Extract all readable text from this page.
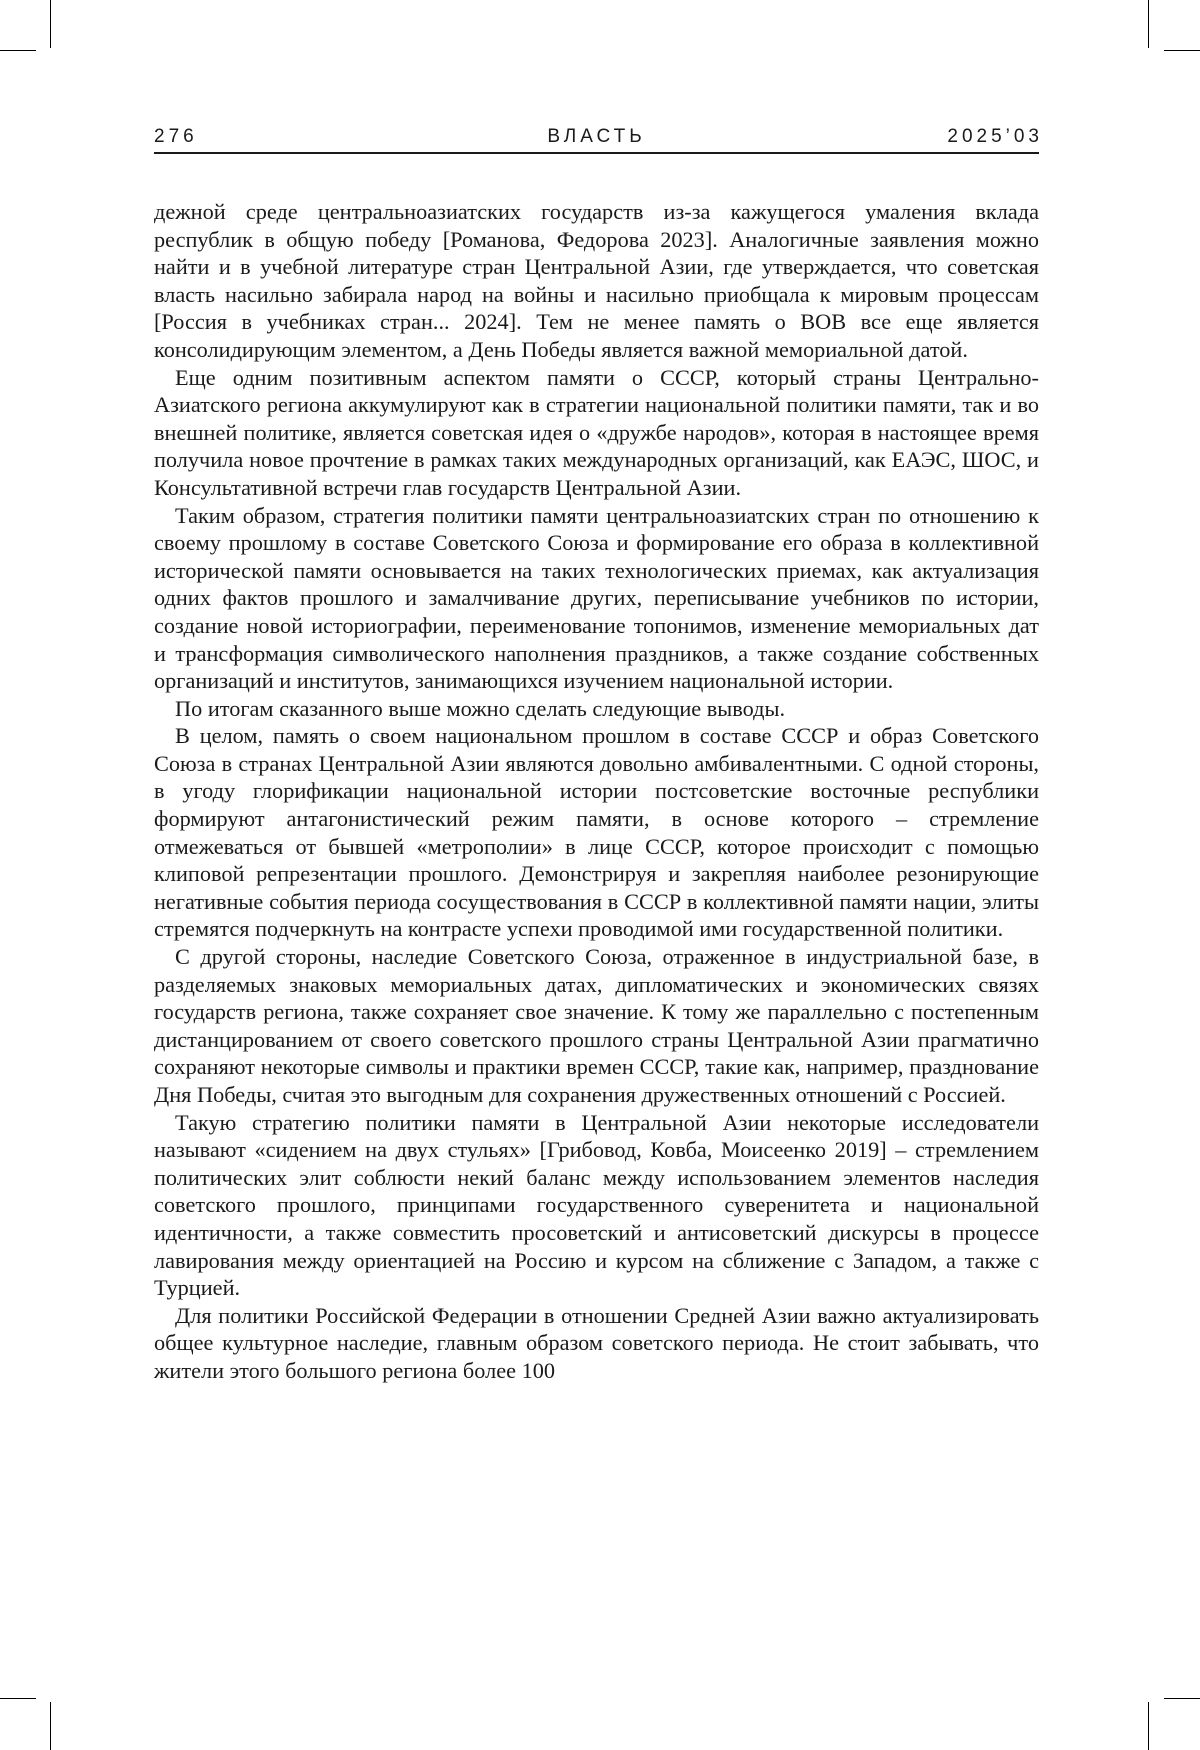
ВЛАСТЬ
276	2025’03

дежной среде центральноазиатских государств из-за кажущегося умаления вклада республик в общую победу [Романова, Федорова 2023]. Аналогичные заявления можно найти и в учебной литературе стран Центральной Азии, где утверждается, что советская власть насильно забирала народ на войны и насильно приобщала к мировым процессам [Россия в учебниках стран... 2024]. Тем не менее память о ВОВ все еще является консолидирующим элементом, а День Победы является важной мемориальной датой.

Еще одним позитивным аспектом памяти о СССР, который страны Центрально-Азиатского региона аккумулируют как в стратегии национальной политики памяти, так и во внешней политике, является советская идея о «дружбе народов», которая в настоящее время получила новое прочтение в рамках таких международных организаций, как ЕАЭС, ШОС, и Консультативной встречи глав государств Центральной Азии.

Таким образом, стратегия политики памяти центральноазиатских стран по отношению к своему прошлому в составе Советского Союза и формирование его образа в коллективной исторической памяти основывается на таких технологических приемах, как актуализация одних фактов прошлого и замалчивание других, переписывание учебников по истории, создание новой историографии, переименование топонимов, изменение мемориальных дат и трансформация символического наполнения праздников, а также создание собственных организаций и институтов, занимающихся изучением национальной истории.

По итогам сказанного выше можно сделать следующие выводы.

В целом, память о своем национальном прошлом в составе СССР и образ Советского Союза в странах Центральной Азии являются довольно амбивалентными. С одной стороны, в угоду глорификации национальной истории постсоветские восточные республики формируют антагонистический режим памяти, в основе которого – стремление отмежеваться от бывшей «метрополии» в лице СССР, которое происходит с помощью клиповой репрезентации прошлого. Демонстрируя и закрепляя наиболее резонирующие негативные события периода сосуществования в СССР в коллективной памяти нации, элиты стремятся подчеркнуть на контрасте успехи проводимой ими государственной политики.

С другой стороны, наследие Советского Союза, отраженное в индустриальной базе, в разделяемых знаковых мемориальных датах, дипломатических и экономических связях государств региона, также сохраняет свое значение. К тому же параллельно с постепенным дистанцированием от своего советского прошлого страны Центральной Азии прагматично сохраняют некоторые символы и практики времен СССР, такие как, например, празднование Дня Победы, считая это выгодным для сохранения дружественных отношений с Россией.

Такую стратегию политики памяти в Центральной Азии некоторые исследователи называют «сидением на двух стульях» [Грибовод, Ковба, Моисеенко 2019] – стремлением политических элит соблюсти некий баланс между использованием элементов наследия советского прошлого, принципами государственного суверенитета и национальной идентичности, а также совместить просоветский и антисоветский дискурсы в процессе лавирования между ориентацией на Россию и курсом на сближение с Западом, а также с Турцией.

Для политики Российской Федерации в отношении Средней Азии важно актуализировать общее культурное наследие, главным образом советского периода. Не стоит забывать, что жители этого большого региона более 100
